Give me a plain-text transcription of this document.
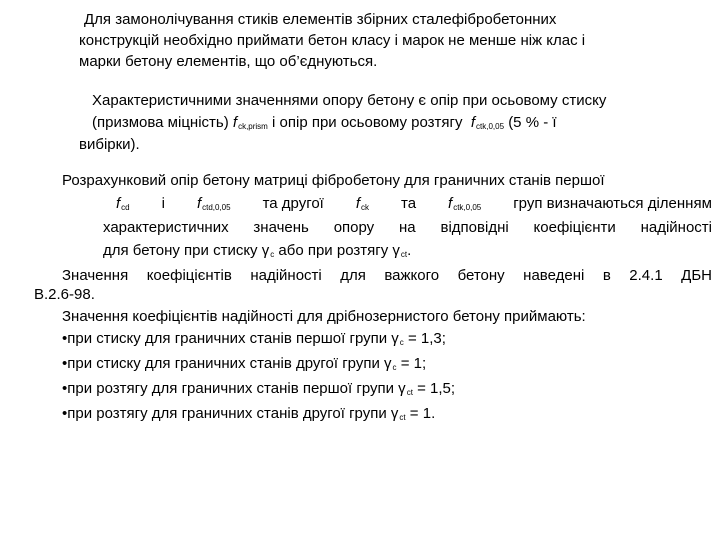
Для замонолічування стиків елементів збірних сталефібробетонних
конструкцій необхідно приймати бетон класу і марок не менше ніж клас і
марки бетону елементів, що об’єднуються.
Характеристичними значеннями опору бетону є опір при осьовому стиску
(призмова міцність) $f_{ck,prism}$ і опір при осьовому розтягу $f_{ctk,0,05}$ (5 % - ї
вибірки).
Розрахунковий опір бетону матриці фібробетону для граничних станів першої
$f_{cd}$ і $f_{ctd,0,05}$ та другої $f_{ck}$ та $f_{ctk,0,05}$ груп визначаються діленням
характеристичних значень опору на відповідні коефіцієнти надійності
для бетону при стиску $\gamma_c$ або при розтягу $\gamma_{ct}$.
Значення коефіцієнтів надійності для важкого бетону наведені в 2.4.1 ДБН
В.2.6-98.
Значення коефіцієнтів надійності для дрібнозернистого бетону приймають:
•при стиску для граничних станів першої групи $\gamma_c = 1,3$;
•при стиску для граничних станів другої групи $\gamma_c = 1$;
•при розтягу для граничних станів першої групи $\gamma_{ct} = 1,5$;
•при розтягу для граничних станів другої групи $\gamma_{ct} = 1$.
